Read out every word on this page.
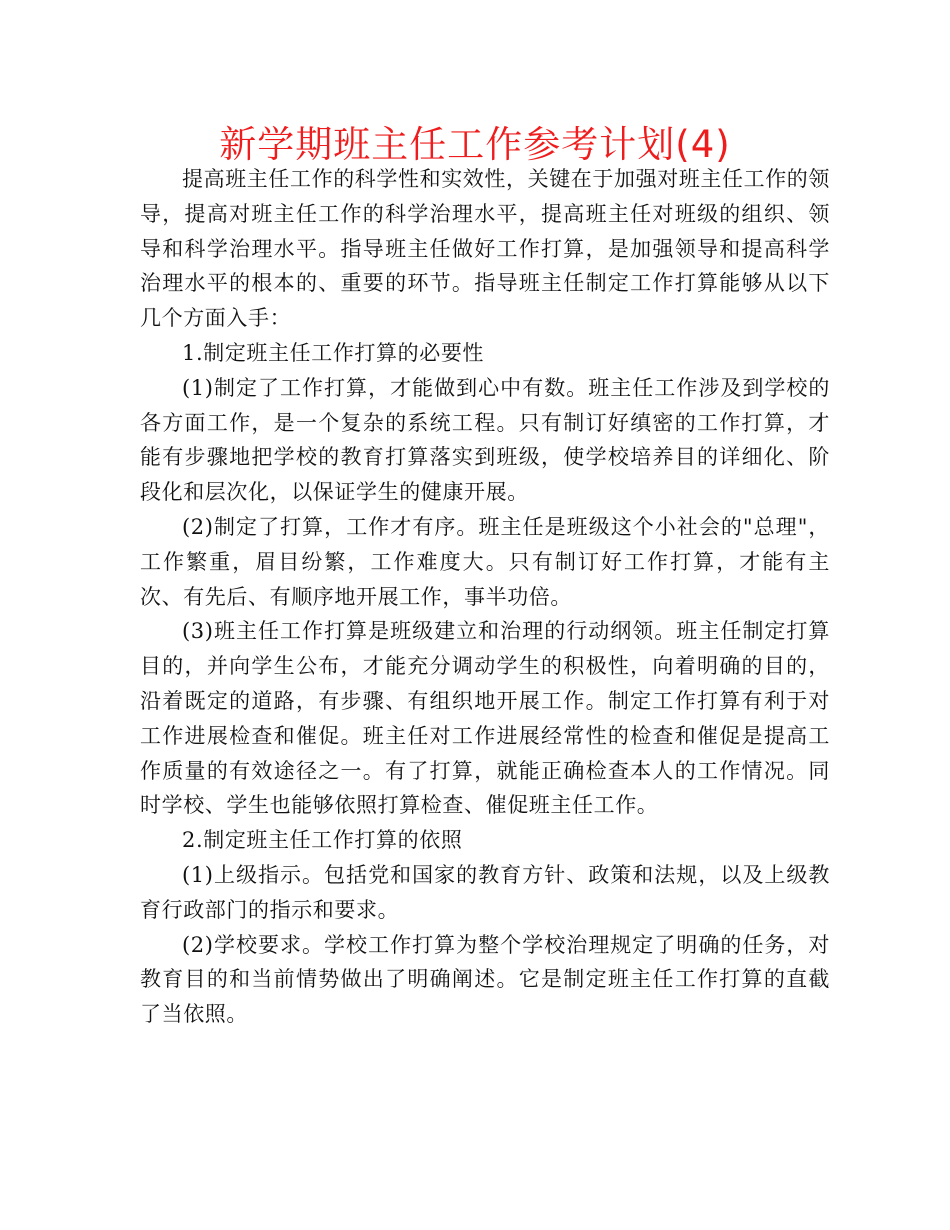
新学期班主任工作参考计划(4)

提高班主任工作的科学性和实效性，关键在于加强对班主任工作的领导，提高对班主任工作的科学治理水平，提高班主任对班级的组织、领导和科学治理水平。指导班主任做好工作打算，是加强领导和提高科学治理水平的根本的、重要的环节。指导班主任制定工作打算能够从以下几个方面入手：

1.制定班主任工作打算的必要性

(1)制定了工作打算，才能做到心中有数。班主任工作涉及到学校的各方面工作，是一个复杂的系统工程。只有制订好缜密的工作打算，才能有步骤地把学校的教育打算落实到班级，使学校培养目的详细化、阶段化和层次化，以保证学生的健康开展。

(2)制定了打算，工作才有序。班主任是班级这个小社会的"总理"，工作繁重，眉目纷繁，工作难度大。只有制订好工作打算，才能有主次、有先后、有顺序地开展工作，事半功倍。

(3)班主任工作打算是班级建立和治理的行动纲领。班主任制定打算目的，并向学生公布，才能充分调动学生的积极性，向着明确的目的，沿着既定的道路，有步骤、有组织地开展工作。制定工作打算有利于对工作进展检查和催促。班主任对工作进展经常性的检查和催促是提高工作质量的有效途径之一。有了打算，就能正确检查本人的工作情况。同时学校、学生也能够依照打算检查、催促班主任工作。

2.制定班主任工作打算的依照

(1)上级指示。包括党和国家的教育方针、政策和法规，以及上级教育行政部门的指示和要求。

(2)学校要求。学校工作打算为整个学校治理规定了明确的任务，对教育目的和当前情势做出了明确阐述。它是制定班主任工作打算的直截了当依照。
